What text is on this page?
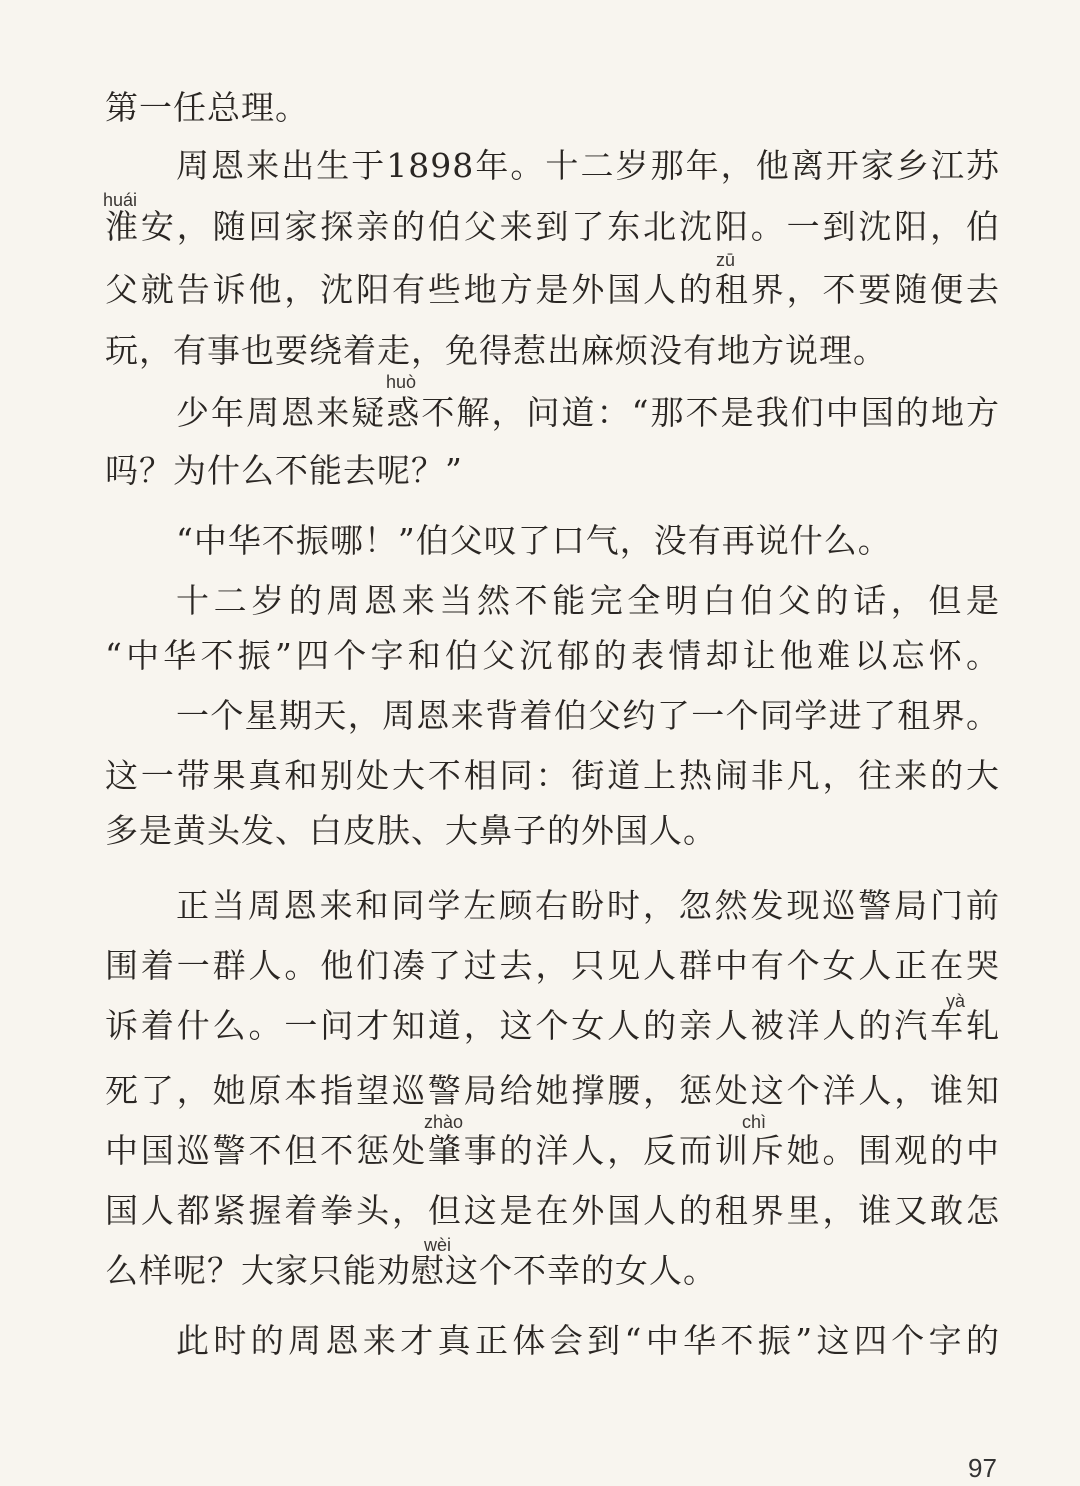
第一任总理。
周恩来出生于1898年。十二岁那年，他离开家乡江苏
huái
淮安，随回家探亲的伯父来到了东北沈阳。一到沈阳，伯
zū
父就告诉他，沈阳有些地方是外国人的租界，不要随便去
玩，有事也要绕着走，免得惹出麻烦没有地方说理。
huò
少年周恩来疑惑不解，问道：“那不是我们中国的地方
吗？为什么不能去呢？”
“中华不振哪！”伯父叹了口气，没有再说什么。
十二岁的周恩来当然不能完全明白伯父的话，但是
“中华不振”四个字和伯父沉郁的表情却让他难以忘怀。
一个星期天，周恩来背着伯父约了一个同学进了租界。
这一带果真和别处大不相同：街道上热闹非凡，往来的大
多是黄头发、白皮肤、大鼻子的外国人。
正当周恩来和同学左顾右盼时，忽然发现巡警局门前
围着一群人。他们凑了过去，只见人群中有个女人正在哭
yà
诉着什么。一问才知道，这个女人的亲人被洋人的汽车轧
死了，她原本指望巡警局给她撑腰，惩处这个洋人，谁知
zhào	chì
中国巡警不但不惩处肇事的洋人，反而训斥她。围观的中
国人都紧握着拳头，但这是在外国人的租界里，谁又敢怎
wèi
么样呢？大家只能劝慰这个不幸的女人。
此时的周恩来才真正体会到“中华不振”这四个字的
97
